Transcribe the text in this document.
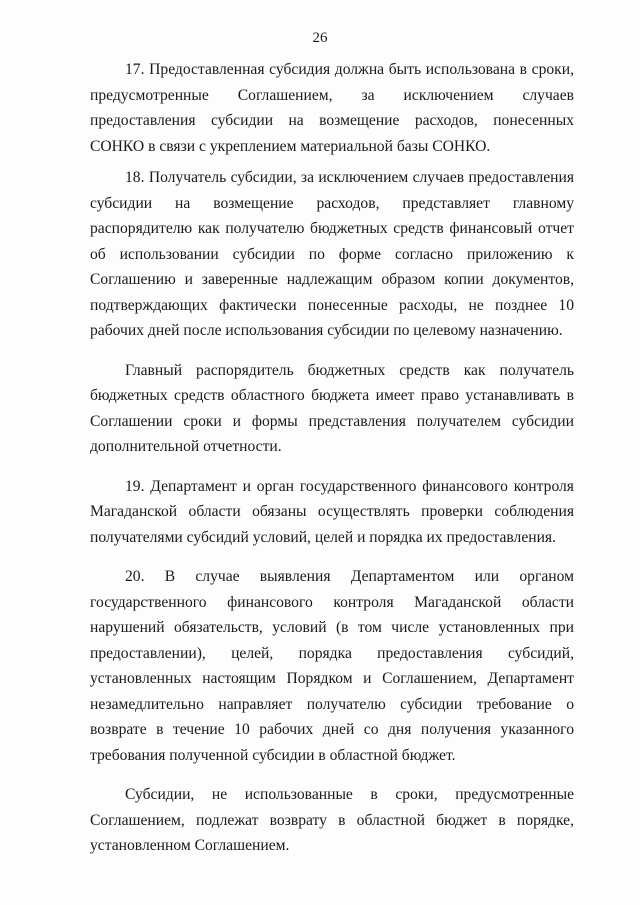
26

17. Предоставленная субсидия должна быть использована в сроки, предусмотренные Соглашением, за исключением случаев предоставления субсидии на возмещение расходов, понесенных СОНКО в связи с укреплением материальной базы СОНКО.

18. Получатель субсидии, за исключением случаев предоставления субсидии на возмещение расходов, представляет главному распорядителю как получателю бюджетных средств финансовый отчет об использовании субсидии по форме согласно приложению к Соглашению и заверенные надлежащим образом копии документов, подтверждающих фактически понесенные расходы, не позднее 10 рабочих дней после использования субсидии по целевому назначению.

Главный распорядитель бюджетных средств как получатель бюджетных средств областного бюджета имеет право устанавливать в Соглашении сроки и формы представления получателем субсидии дополнительной отчетности.

19. Департамент и орган государственного финансового контроля Магаданской области обязаны осуществлять проверки соблюдения получателями субсидий условий, целей и порядка их предоставления.

20. В случае выявления Департаментом или органом государственного финансового контроля Магаданской области нарушений обязательств, условий (в том числе установленных при предоставлении), целей, порядка предоставления субсидий, установленных настоящим Порядком и Соглашением, Департамент незамедлительно направляет получателю субсидии требование о возврате в течение 10 рабочих дней со дня получения указанного требования полученной субсидии в областной бюджет.

Субсидии, не использованные в сроки, предусмотренные Соглашением, подлежат возврату в областной бюджет в порядке, установленном Соглашением.
